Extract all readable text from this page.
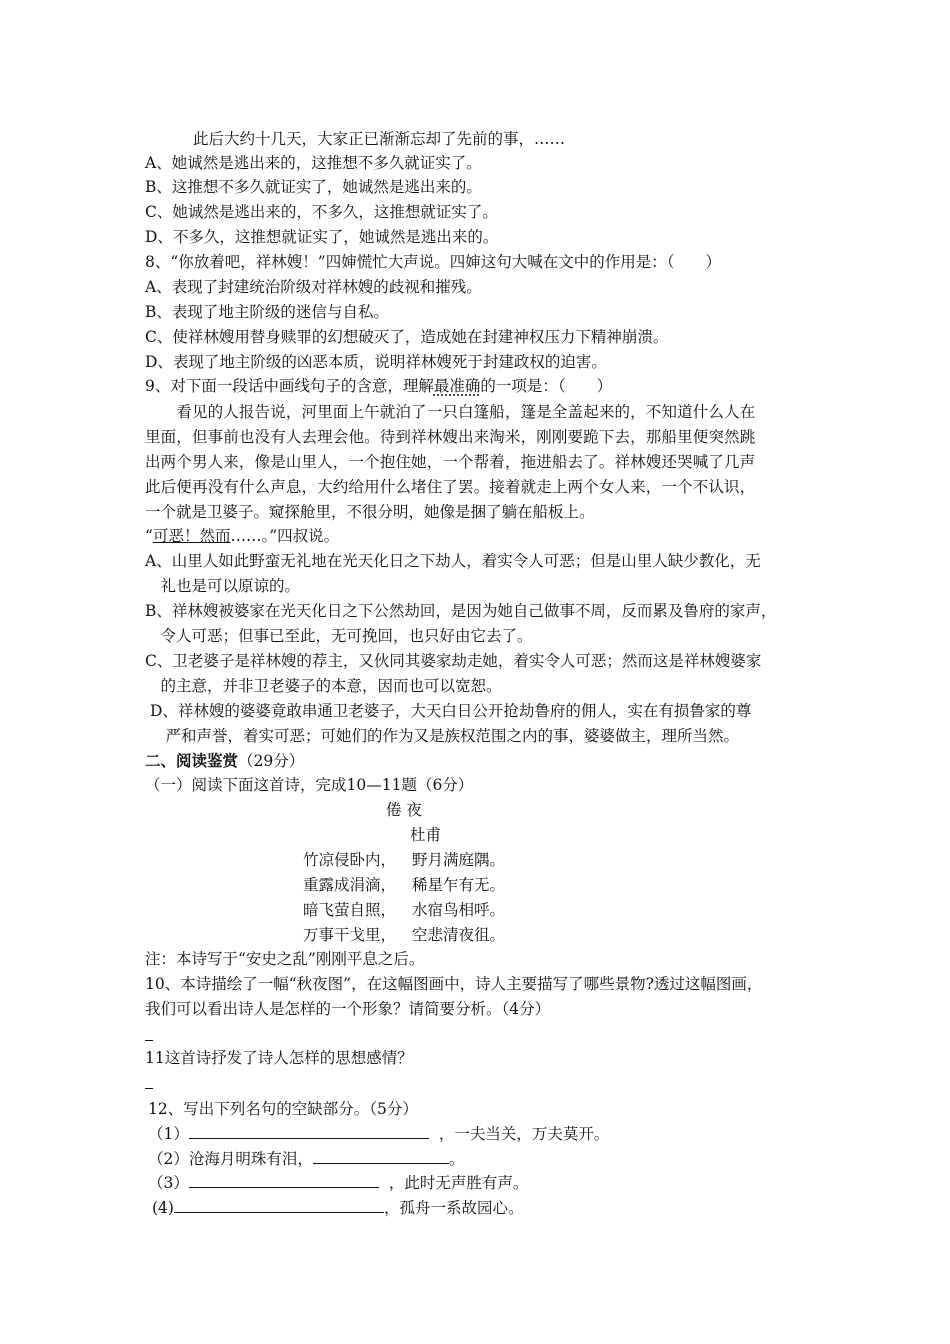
此后大约十几天，大家正已渐渐忘却了先前的事，……

A、她诚然是逃出来的，这推想不多久就证实了。

B、这推想不多久就证实了，她诚然是逃出来的。

C、她诚然是逃出来的，不多久，这推想就证实了。

D、不多久，这推想就证实了，她诚然是逃出来的。

8、“你放着吧，祥林嫂！”四婶慌忙大声说。四婶这句大喊在文中的作用是：（　　）

A、表现了封建统治阶级对祥林嫂的歧视和摧残。

B、表现了地主阶级的迷信与自私。

C、使祥林嫂用替身赎罪的幻想破灭了，造成她在封建神权压力下精神崩溃。

D、表现了地主阶级的凶恶本质，说明祥林嫂死于封建政权的迫害。

9、对下面一段话中画线句子的含意，理解最准确的一项是：（　　）

　　看见的人报告说，河里面上午就泊了一只白篷船，篷是全盖起来的，不知道什么人在

里面，但事前也没有人去理会他。待到祥林嫂出来淘米，刚刚要跪下去，那船里便突然跳

出两个男人来，像是山里人，一个抱住她，一个帮着，拖进船去了。祥林嫂还哭喊了几声

此后便再没有什么声息，大约给用什么堵住了罢。接着就走上两个女人来，一个不认识，

一个就是卫婆子。窥探舱里，不很分明，她像是捆了躺在船板上。

“可恶！然而……。”四叔说。

A、山里人如此野蛮无礼地在光天化日之下劫人，着实令人可恶；但是山里人缺少教化，无

　礼也是可以原谅的。

B、祥林嫂被婆家在光天化日之下公然劫回，是因为她自己做事不周，反而累及鲁府的家声，

　令人可恶；但事已至此，无可挽回，也只好由它去了。

C、卫老婆子是祥林嫂的荐主，又伙同其婆家劫走她，着实令人可恶；然而这是祥林嫂婆家

　的主意，并非卫老婆子的本意，因而也可以宽恕。

D、祥林嫂的婆婆竟敢串通卫老婆子，大天白日公开抢劫鲁府的佣人，实在有损鲁家的尊

　严和声誉，着实可恶；可她们的作为又是族权范围之内的事，婆婆做主，理所当然。

二、阅读鉴赏（29分）

（一）阅读下面这首诗，完成10—11题（6分）

倦 夜

杜甫

竹凉侵卧内， 野月满庭隅。

重露成涓滴， 稀星乍有无。

暗飞萤自照， 水宿鸟相呼。

万事干戈里， 空悲清夜徂。

注：本诗写于“安史之乱”刚刚平息之后。

10、本诗描绘了一幅“秋夜图”，在这幅图画中，诗人主要描写了哪些景物?透过这幅图画，

我们可以看出诗人是怎样的一个形象？请简要分析。（4分）

11这首诗抒发了诗人怎样的思想感情？

12、写出下列名句的空缺部分。（5分）

（1）	，一夫当关，万夫莫开。

（2）沧海月明珠有泪，	。

（3）	，此时无声胜有声。

(4)	，孤舟一系故园心。
